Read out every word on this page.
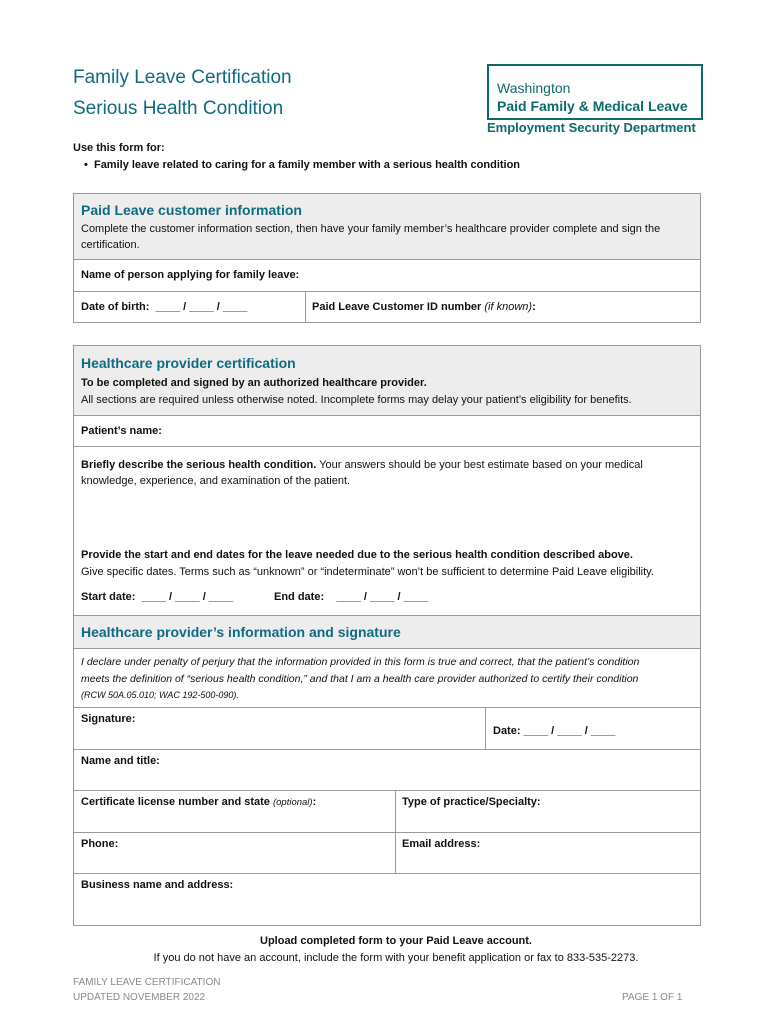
Family Leave Certification
Serious Health Condition
Washington
Paid Family & Medical Leave
Employment Security Department
Use this form for:
•  Family leave related to caring for a family member with a serious health condition
Paid Leave customer information
Complete the customer information section, then have your family member’s healthcare provider complete and sign the
certification.
Name of person applying for family leave:
Date of birth: ____ / ____ / ____	Paid Leave Customer ID number (if known):
Healthcare provider certification
To be completed and signed by an authorized healthcare provider.
All sections are required unless otherwise noted. Incomplete forms may delay your patient’s eligibility for benefits.
Patient’s name:
Briefly describe the serious health condition. Your answers should be your best estimate based on your medical
knowledge, experience, and examination of the patient.
Provide the start and end dates for the leave needed due to the serious health condition described above.
Give specific dates. Terms such as “unknown” or “indeterminate” won’t be sufficient to determine Paid Leave eligibility.
Start date: ____ / ____ / ____	End date: ____ / ____ / ____
Healthcare provider’s information and signature
I declare under penalty of perjury that the information provided in this form is true and correct, that the patient’s condition
meets the definition of “serious health condition,” and that I am a health care provider authorized to certify their condition
(RCW 50A.05.010; WAC 192-500-090).
Signature:
Date: ____ / ____ / ____
Name and title:
Certificate license number and state (optional):	Type of practice/Specialty:
Phone:	Email address:
Business name and address:
Upload completed form to your Paid Leave account.
If you do not have an account, include the form with your benefit application or fax to 833-535-2273.
FAMILY LEAVE CERTIFICATION
UPDATED NOVEMBER 2022	PAGE 1 OF 1
